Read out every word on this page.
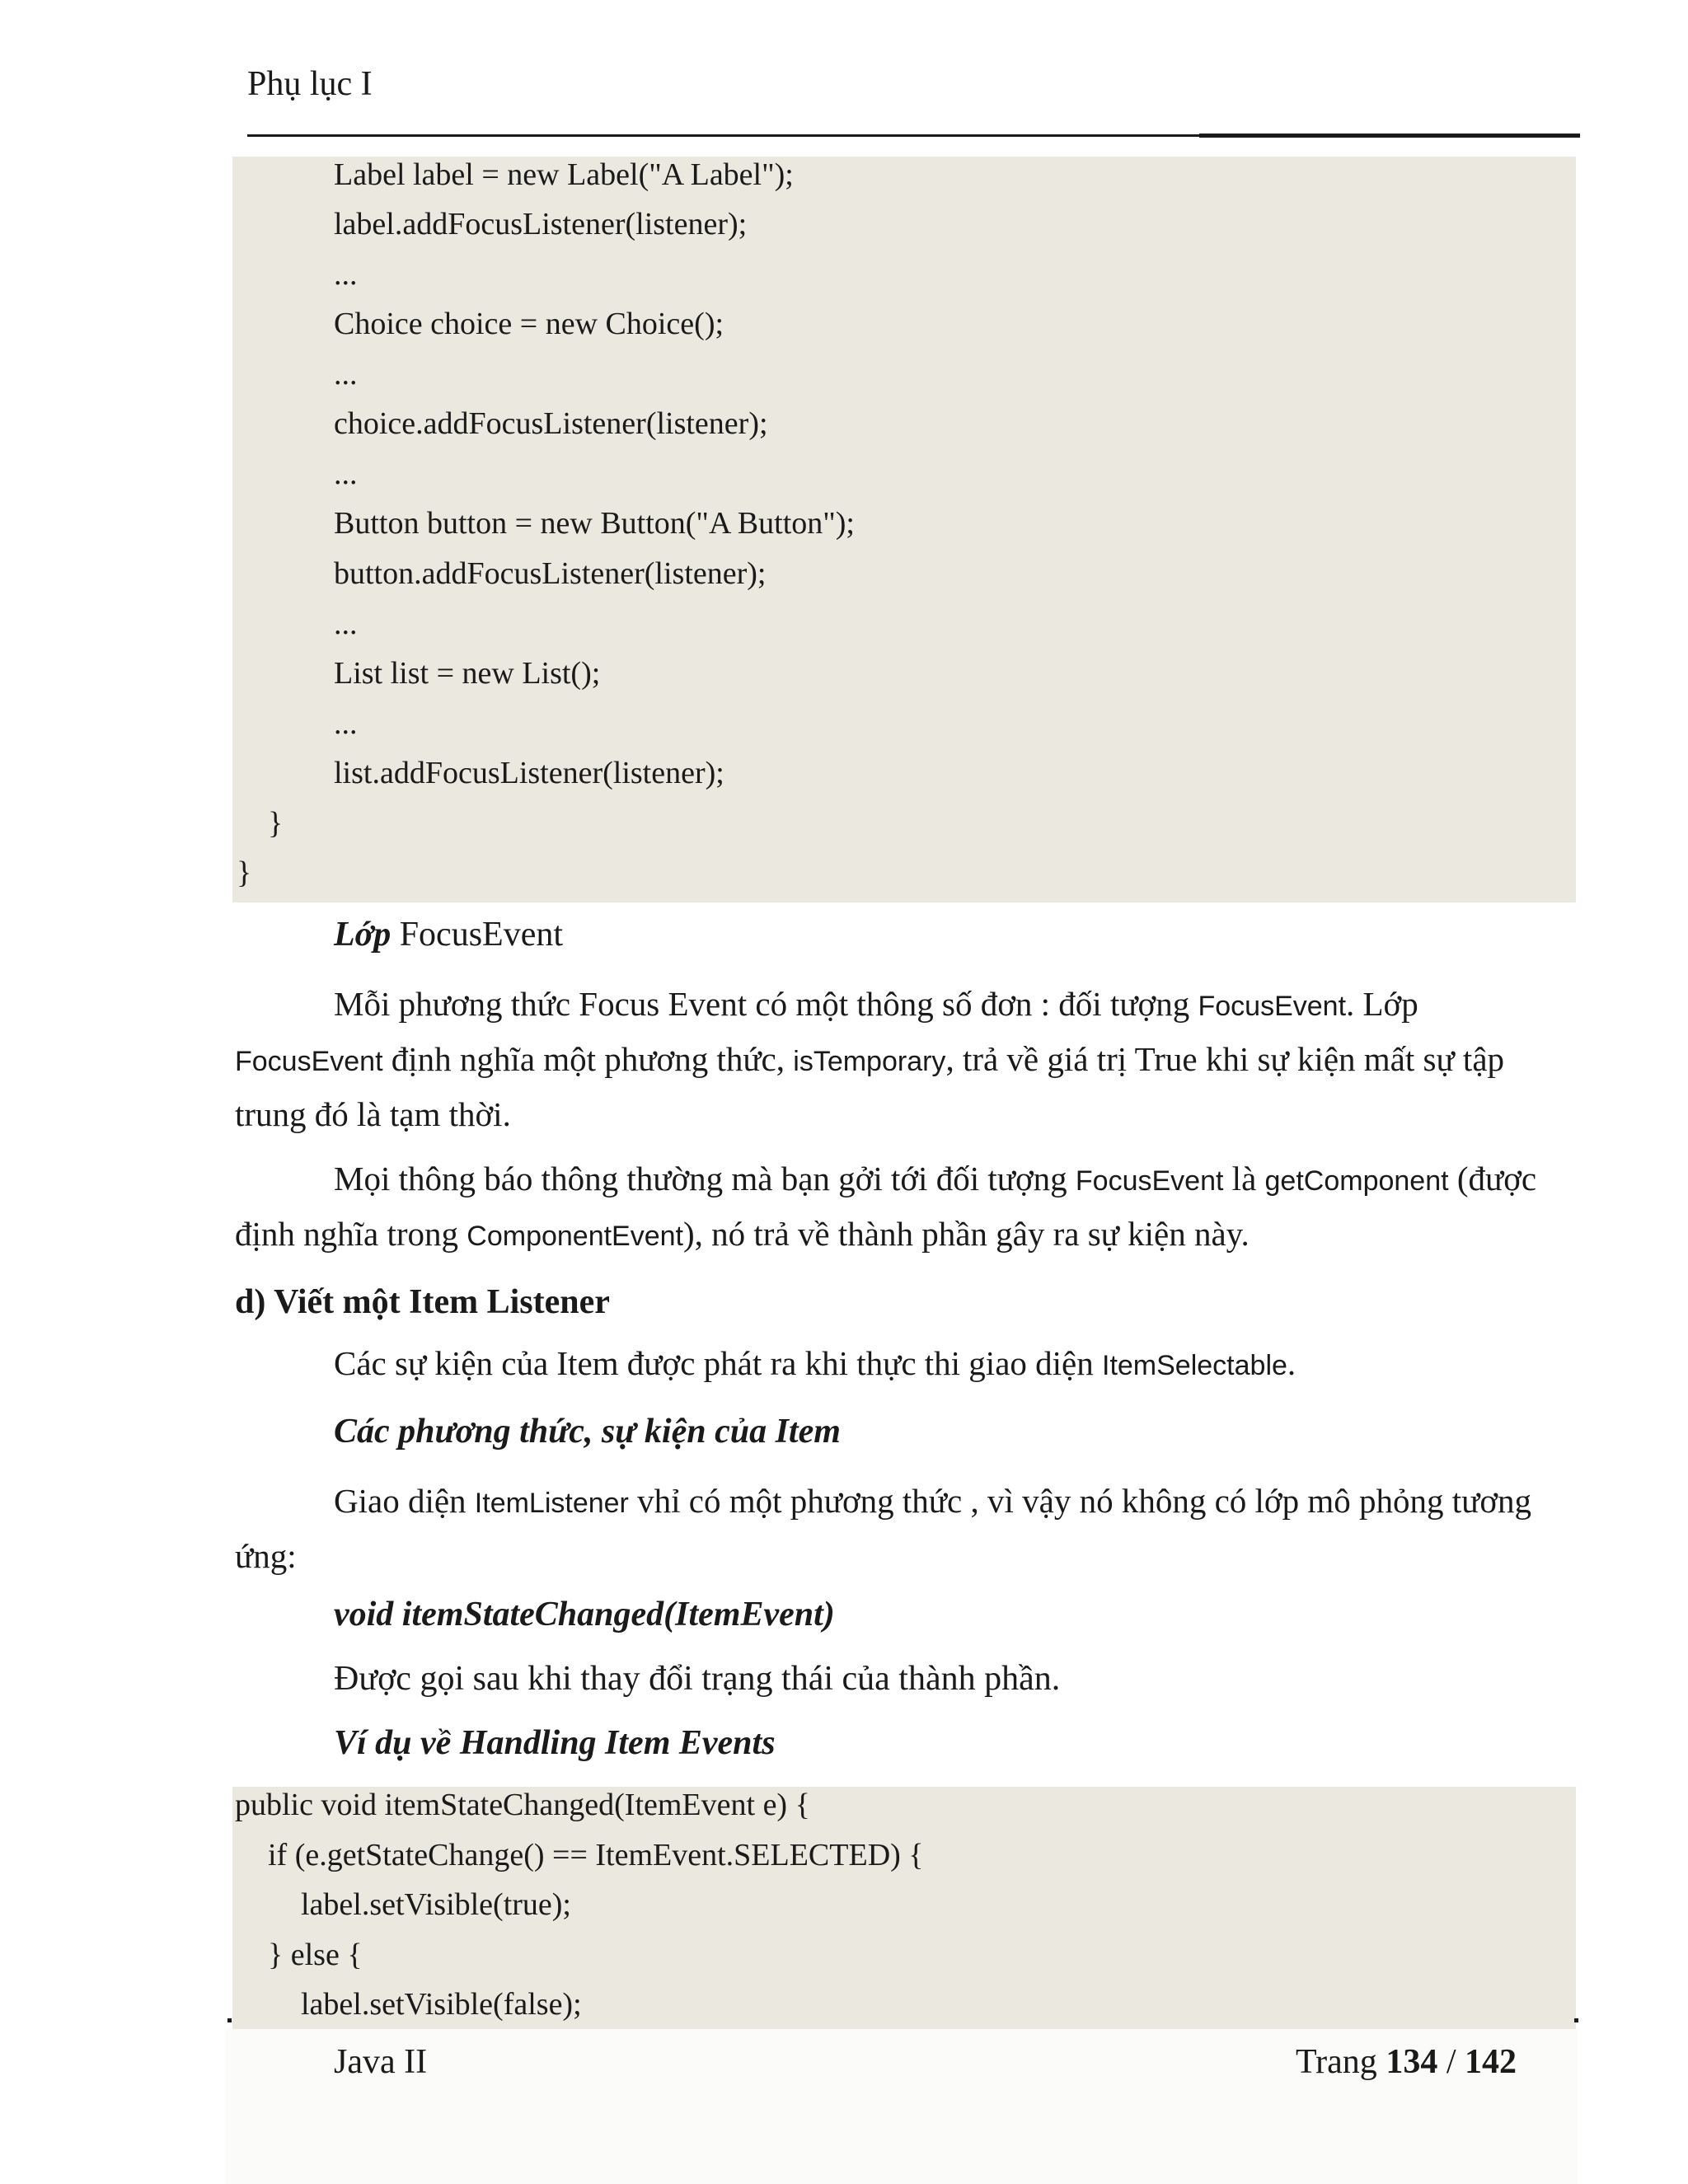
Phụ lục I
Label label = new Label("A Label");
label.addFocusListener(listener);
...
Choice choice = new Choice();
...
choice.addFocusListener(listener);
...
Button button = new Button("A Button");
button.addFocusListener(listener);
...
List list = new List();
...
list.addFocusListener(listener);
}
}
Lớp FocusEvent
Mỗi phương thức Focus Event có một thông số đơn : đối tượng FocusEvent. Lớp FocusEvent định nghĩa một phương thức, isTemporary, trả về giá trị True khi sự kiện mất sự tập trung đó là tạm thời.
Mọi thông báo thông thường mà bạn gởi tới đối tượng FocusEvent là getComponent (được định nghĩa trong ComponentEvent), nó trả về thành phần gây ra sự kiện này.
d) Viết một Item Listener
Các sự kiện của Item được phát ra khi thực thi giao diện ItemSelectable.
Các phương thức, sự kiện của Item
Giao diện ItemListener vhỉ có một phương thức , vì vậy nó không có lớp mô phỏng tương ứng:
void itemStateChanged(ItemEvent)
Được gọi sau khi thay đổi trạng thái của thành phần.
Ví dụ về Handling Item Events
public void itemStateChanged(ItemEvent e) {
if (e.getStateChange() == ItemEvent.SELECTED) {
label.setVisible(true);
} else {
label.setVisible(false);
Java II	Trang 134 / 142
